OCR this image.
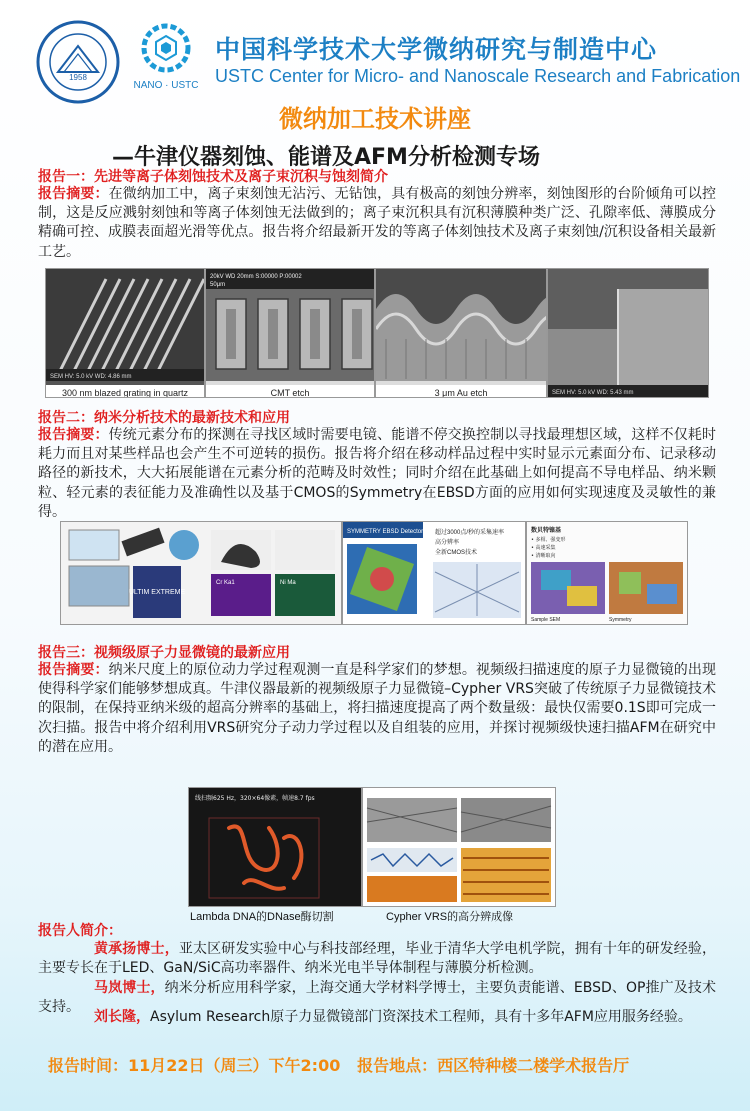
1958
NANO · USTC
中国科学技术大学微纳研究与制造中心
USTC Center for Micro- and Nanoscale Research and Fabrication
微纳加工技术讲座
—牛津仪器刻蚀、能谱及AFM分析检测专场
报告一：先进等离子体刻蚀技术及离子束沉积与蚀刻简介
报告摘要：在微纳加工中，离子束刻蚀无沾污、无钻蚀，具有极高的刻蚀分辨率，刻蚀图形的台阶倾角可以控制，这是反应溅射刻蚀和等离子体刻蚀无法做到的；离子束沉积具有沉积薄膜种类广泛、孔隙率低、薄膜成分精确可控、成膜表面超光滑等优点。报告将介绍最新开发的等离子体刻蚀技术及离子束刻蚀/沉积设备相关最新工艺。
SEM HV: 5.0 kV WD: 4.86 mm
300 nm blazed grating in quartz
20kV WD 20mm S:00000 P:00002
50μm
CMT etch	3 μm Au etch	SEM HV: 5.0 kV WD: 5.43 mm
报告二：纳米分析技术的最新技术和应用
报告摘要：传统元素分布的探测在寻找区域时需要电镜、能谱不停交换控制以寻找最理想区域，这样不仅耗时耗力而且对某些样品也会产生不可逆转的损伤。报告将介绍在移动样品过程中实时显示元素面分布、记录移动路径的新技术，大大拓展能谱在元素分析的范畴及时效性；同时介绍在此基础上如何提高不导电样品、纳米颗粒、轻元素的表征能力及准确性以及基于CMOS的Symmetry在EBSD方面的应用如何实现速度及灵敏性的兼得。
ULTIM EXTREME
Cr Ka1	Ni Ma
SYMMETRY EBSD Detector 超过3000点/秒的采集速率
高分辨率
全新CMOS技术
数贝特镍基
• 多相、强变形
• 高速采集
• 清晰取向
Sample SEM	Symmetry
报告三：视频级原子力显微镜的最新应用
报告摘要：纳米尺度上的原位动力学过程观测一直是科学家们的梦想。视频级扫描速度的原子力显微镜的出现使得科学家们能够梦想成真。牛津仪器最新的视频级原子力显微镜–Cypher VRS突破了传统原子力显微镜技术的限制，在保持亚纳米级的超高分辨率的基础上，将扫描速度提高了两个数量级：最快仅需要0.1S即可完成一次扫描。报告中将介绍利用VRS研究分子动力学过程以及自组装的应用，并探讨视频级快速扫描AFM在研究中的潜在应用。
线扫频625 Hz，320×64像素，帧速8.7 fps
Lambda DNA的DNase酶切割	Cypher VRS的高分辨成像
报告人简介：
黄承扬博士，亚太区研发实验中心与科技部经理，毕业于清华大学电机学院，拥有十年的研发经验，主要专长在于LED、GaN/SiC高功率器件、纳米光电半导体制程与薄膜分析检测。
马岚博士，纳米分析应用科学家，上海交通大学材料学博士，主要负责能谱、EBSD、OP推广及技术支持。
刘长隆，Asylum Research原子力显微镜部门资深技术工程师，具有十多年AFM应用服务经验。
报告时间：11月22日（周三）下午2:00 报告地点：西区特种楼二楼学术报告厅
